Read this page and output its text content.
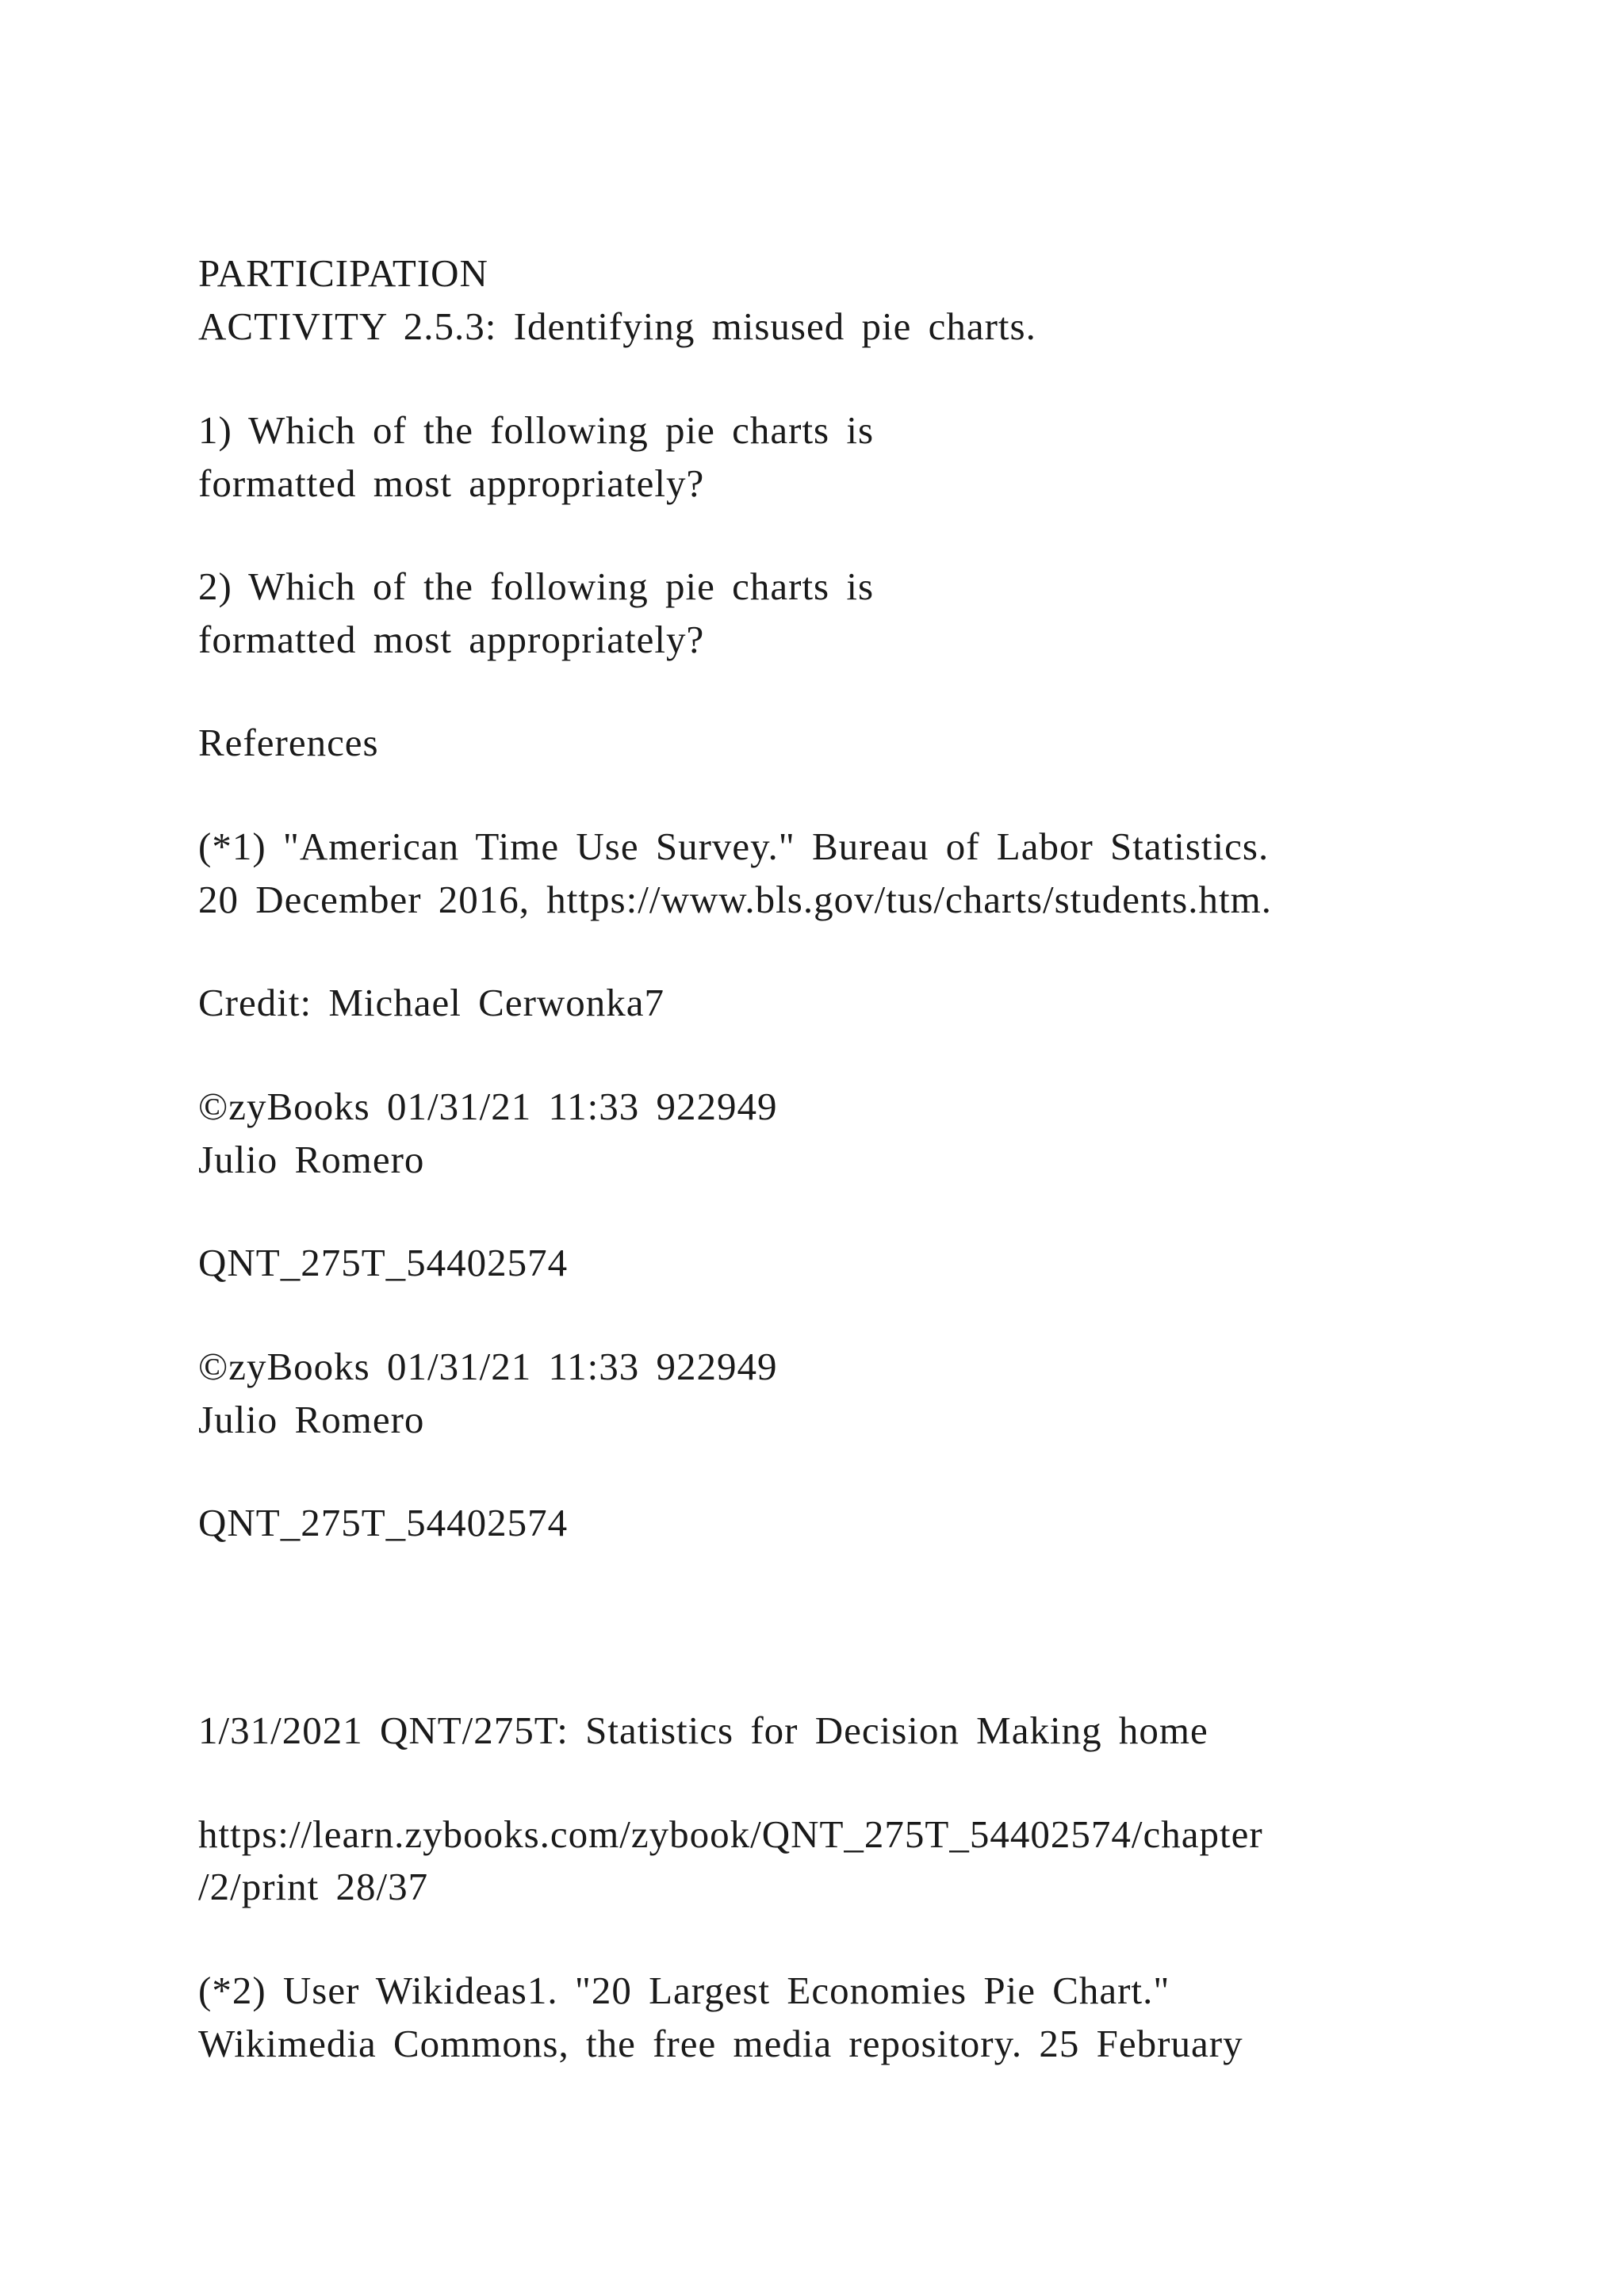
PARTICIPATION
ACTIVITY 2.5.3: Identifying misused pie charts.
1) Which of the following pie charts is
formatted most appropriately?
2) Which of the following pie charts is
formatted most appropriately?
References
(*1) "American Time Use Survey." Bureau of Labor Statistics.
20 December 2016, https://www.bls.gov/tus/charts/students.htm.
Credit: Michael Cerwonka7
©zyBooks 01/31/21 11:33 922949
Julio Romero
QNT_275T_54402574
©zyBooks 01/31/21 11:33 922949
Julio Romero
QNT_275T_54402574
1/31/2021 QNT/275T: Statistics for Decision Making home
https://learn.zybooks.com/zybook/QNT_275T_54402574/chapter
/2/print 28/37
(*2) User Wikideas1. "20 Largest Economies Pie Chart."
Wikimedia Commons, the free media repository. 25 February
